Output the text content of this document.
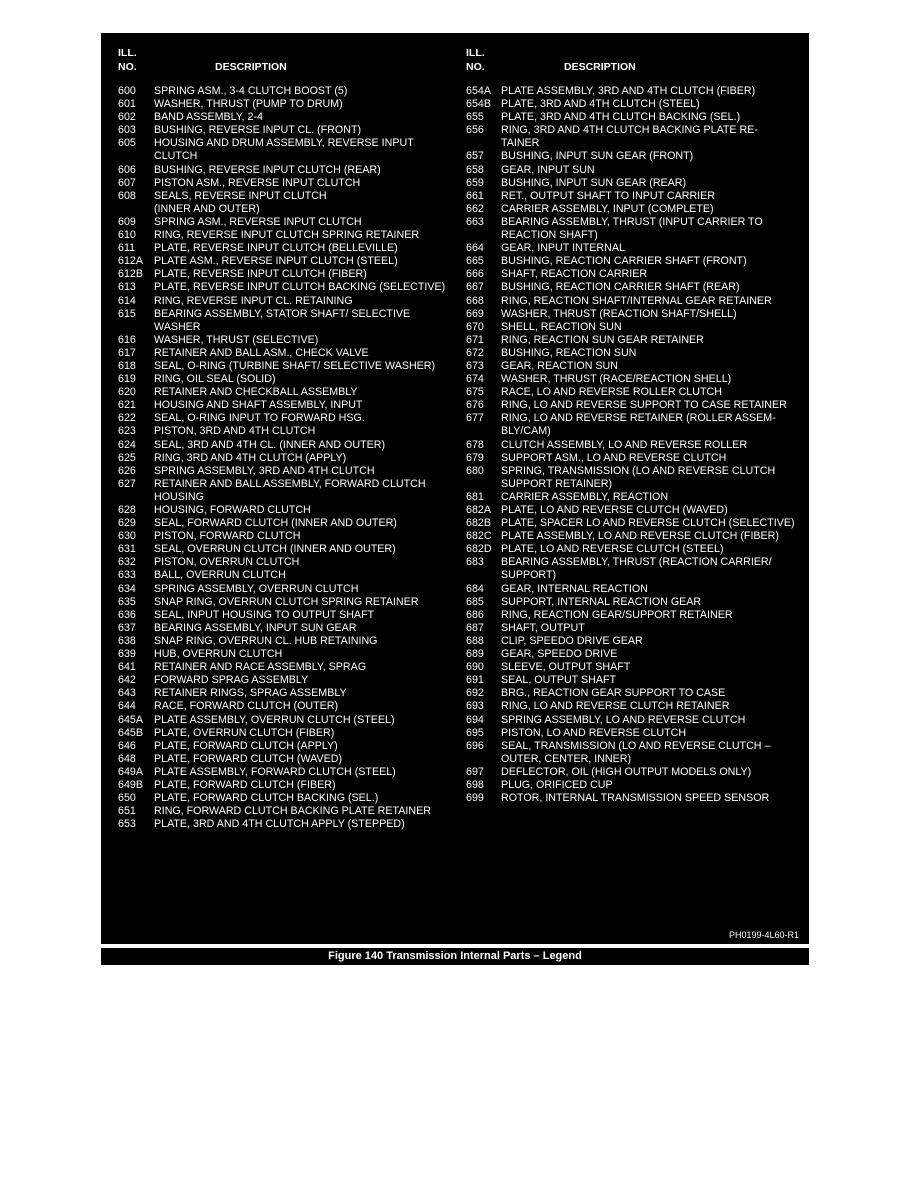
ILL.
NO.	DESCRIPTION
600	SPRING ASM., 3-4 CLUTCH BOOST (5)
601	WASHER, THRUST (PUMP TO DRUM)
602	BAND ASSEMBLY, 2-4
603	BUSHING, REVERSE INPUT CL. (FRONT)
605	HOUSING AND DRUM ASSEMBLY, REVERSE INPUT
CLUTCH
606	BUSHING, REVERSE INPUT CLUTCH (REAR)
607	PISTON ASM., REVERSE INPUT CLUTCH
608	SEALS, REVERSE INPUT CLUTCH
(INNER AND OUTER)
609	SPRING ASM., REVERSE INPUT CLUTCH
610	RING, REVERSE INPUT CLUTCH SPRING RETAINER
611	PLATE, REVERSE INPUT CLUTCH (BELLEVILLE)
612A	PLATE ASM., REVERSE INPUT CLUTCH (STEEL)
612B	PLATE, REVERSE INPUT CLUTCH (FIBER)
613	PLATE, REVERSE INPUT CLUTCH BACKING (SELECTIVE)
614	RING, REVERSE INPUT CL. RETAINING
615	BEARING ASSEMBLY, STATOR SHAFT/ SELECTIVE
WASHER
616	WASHER, THRUST (SELECTIVE)
617	RETAINER AND BALL ASM., CHECK VALVE
618	SEAL, O-RING (TURBINE SHAFT/ SELECTIVE WASHER)
619	RING, OIL SEAL (SOLID)
620	RETAINER AND CHECKBALL ASSEMBLY
621	HOUSING AND SHAFT ASSEMBLY, INPUT
622	SEAL, O-RING INPUT TO FORWARD HSG.
623	PISTON, 3RD AND 4TH CLUTCH
624	SEAL, 3RD AND 4TH CL. (INNER AND OUTER)
625	RING, 3RD AND 4TH CLUTCH (APPLY)
626	SPRING ASSEMBLY, 3RD AND 4TH CLUTCH
627	RETAINER AND BALL ASSEMBLY, FORWARD CLUTCH
HOUSING
628	HOUSING, FORWARD CLUTCH
629	SEAL, FORWARD CLUTCH (INNER AND OUTER)
630	PISTON, FORWARD CLUTCH
631	SEAL, OVERRUN CLUTCH (INNER AND OUTER)
632	PISTON, OVERRUN CLUTCH
633	BALL, OVERRUN CLUTCH
634	SPRING ASSEMBLY, OVERRUN CLUTCH
635	SNAP RING, OVERRUN CLUTCH SPRING RETAINER
636	SEAL, INPUT HOUSING TO OUTPUT SHAFT
637	BEARING ASSEMBLY, INPUT SUN GEAR
638	SNAP RING, OVERRUN CL. HUB RETAINING
639	HUB, OVERRUN CLUTCH
641	RETAINER AND RACE ASSEMBLY, SPRAG
642	FORWARD SPRAG ASSEMBLY
643	RETAINER RINGS, SPRAG ASSEMBLY
644	RACE, FORWARD CLUTCH (OUTER)
645A	PLATE ASSEMBLY, OVERRUN CLUTCH (STEEL)
645B	PLATE, OVERRUN CLUTCH (FIBER)
646	PLATE, FORWARD CLUTCH (APPLY)
648	PLATE, FORWARD CLUTCH (WAVED)
649A	PLATE ASSEMBLY, FORWARD CLUTCH (STEEL)
649B	PLATE, FORWARD CLUTCH (FIBER)
650	PLATE, FORWARD CLUTCH BACKING (SEL.)
651	RING, FORWARD CLUTCH BACKING PLATE RETAINER
653	PLATE, 3RD AND 4TH CLUTCH APPLY (STEPPED)
ILL.
NO.	DESCRIPTION
654A PLATE ASSEMBLY, 3RD AND 4TH CLUTCH (FIBER)
654B PLATE, 3RD AND 4TH CLUTCH (STEEL)
655	PLATE, 3RD AND 4TH CLUTCH BACKING (SEL.)
656	RING, 3RD AND 4TH CLUTCH BACKING PLATE RE-
TAINER
657	BUSHING, INPUT SUN GEAR (FRONT)
658	GEAR, INPUT SUN
659	BUSHING, INPUT SUN GEAR (REAR)
661	RET., OUTPUT SHAFT TO INPUT CARRIER
662	CARRIER ASSEMBLY, INPUT (COMPLETE)
663	BEARING ASSEMBLY, THRUST (INPUT CARRIER TO
REACTION SHAFT)
664	GEAR, INPUT INTERNAL
665	BUSHING, REACTION CARRIER SHAFT (FRONT)
666	SHAFT, REACTION CARRIER
667	BUSHING, REACTION CARRIER SHAFT (REAR)
668	RING, REACTION SHAFT/INTERNAL GEAR RETAINER
669	WASHER, THRUST (REACTION SHAFT/SHELL)
670	SHELL, REACTION SUN
671	RING, REACTION SUN GEAR RETAINER
672	BUSHING, REACTION SUN
673	GEAR, REACTION SUN
674	WASHER, THRUST (RACE/REACTION SHELL)
675	RACE, LO AND REVERSE ROLLER CLUTCH
676	RING, LO AND REVERSE SUPPORT TO CASE RETAINER
677	RING, LO AND REVERSE RETAINER (ROLLER ASSEM-
BLY/CAM)
678	CLUTCH ASSEMBLY, LO AND REVERSE ROLLER
679	SUPPORT ASM., LO AND REVERSE CLUTCH
680	SPRING, TRANSMISSION (LO AND REVERSE CLUTCH
SUPPORT RETAINER)
681	CARRIER ASSEMBLY, REACTION
682A PLATE, LO AND REVERSE CLUTCH (WAVED)
682B PLATE, SPACER LO AND REVERSE CLUTCH (SELECTIVE)
682C PLATE ASSEMBLY, LO AND REVERSE CLUTCH (FIBER)
682D PLATE, LO AND REVERSE CLUTCH (STEEL)
683	BEARING ASSEMBLY, THRUST (REACTION CARRIER/
SUPPORT)
684	GEAR, INTERNAL REACTION
685	SUPPORT, INTERNAL REACTION GEAR
686	RING, REACTION GEAR/SUPPORT RETAINER
687	SHAFT, OUTPUT
688	CLIP, SPEEDO DRIVE GEAR
689	GEAR, SPEEDO DRIVE
690	SLEEVE, OUTPUT SHAFT
691	SEAL, OUTPUT SHAFT
692	BRG., REACTION GEAR SUPPORT TO CASE
693	RING, LO AND REVERSE CLUTCH RETAINER
694	SPRING ASSEMBLY, LO AND REVERSE CLUTCH
695	PISTON, LO AND REVERSE CLUTCH
696	SEAL, TRANSMISSION (LO AND REVERSE CLUTCH –
OUTER, CENTER, INNER)
697	DEFLECTOR, OIL (HIGH OUTPUT MODELS ONLY)
698	PLUG, ORIFICED CUP
699	ROTOR, INTERNAL TRANSMISSION SPEED SENSOR
PH0199-4L60-R1
Figure 140 Transmission Internal Parts – Legend
